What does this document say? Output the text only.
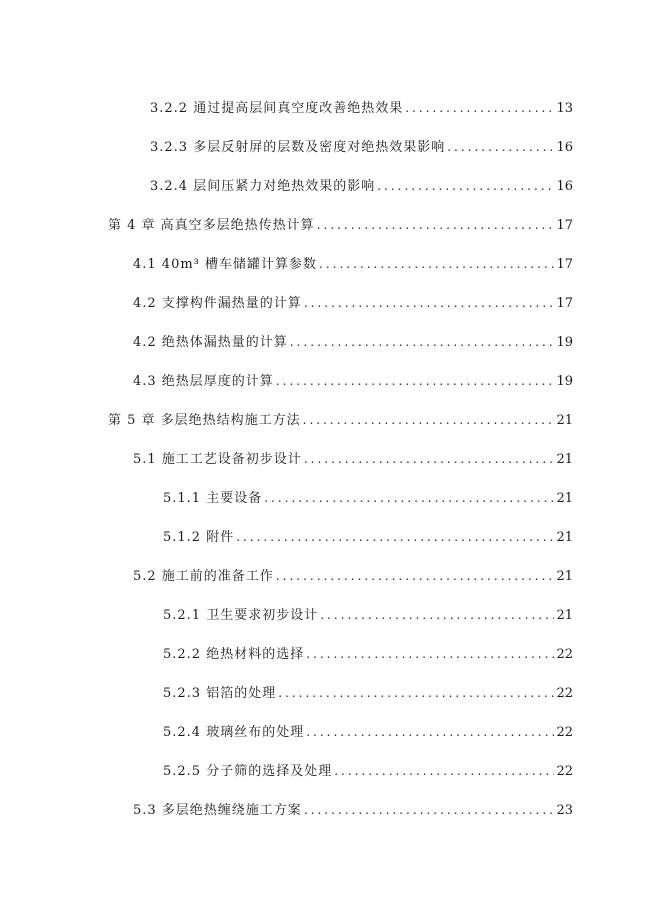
3.2.2 通过提高层间真空度改善绝热效果 .....	13
3.2.3 多层反射屏的层数及密度对绝热效果影响 .....	16
3.2.4 层间压紧力对绝热效果的影响 .....	16
第 4 章 高真空多层绝热传热计算 .....	17
4.1 40m³ 槽车储罐计算参数 .....	17
4.2 支撑构件漏热量的计算 .....	17
4.2 绝热体漏热量的计算 .....	19
4.3 绝热层厚度的计算 .....	19
第 5 章 多层绝热结构施工方法 .....	21
5.1 施工工艺设备初步设计 .....	21
5.1.1 主要设备 .....	21
5.1.2 附件 .....	21
5.2 施工前的准备工作 .....	21
5.2.1 卫生要求初步设计 .....	21
5.2.2 绝热材料的选择 .....	22
5.2.3 铝箔的处理 .....	22
5.2.4 玻璃丝布的处理 .....	22
5.2.5 分子筛的选择及处理 .....	22
5.3 多层绝热缠绕施工方案 .....	23
